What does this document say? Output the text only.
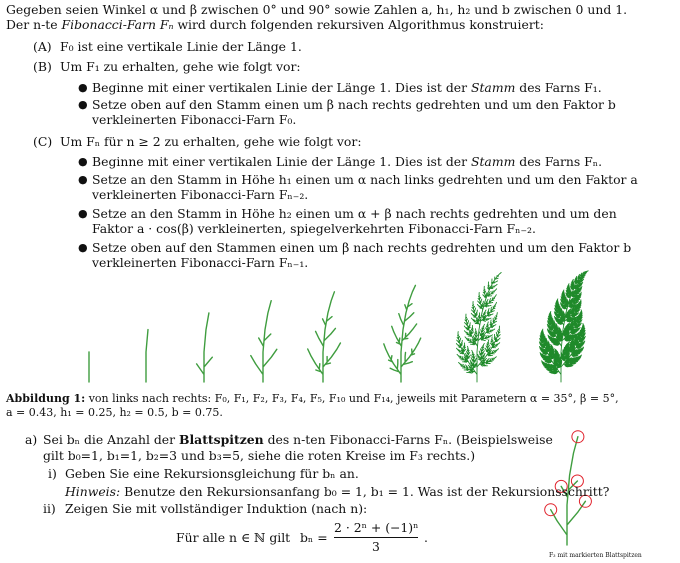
Gegeben seien Winkel α und β zwischen 0° und 90° sowie Zahlen a, h₁, h₂ und b zwischen 0 und 1.
Der n-te Fibonacci-Farn Fₙ wird durch folgenden rekursiven Algorithmus konstruiert:
(A) F₀ ist eine vertikale Linie der Länge 1.
(B) Um F₁ zu erhalten, gehe wie folgt vor:
● Beginne mit einer vertikalen Linie der Länge 1. Dies ist der Stamm des Farns F₁.
● Setze oben auf den Stamm einen um β nach rechts gedrehten und um den Faktor b
verkleinerten Fibonacci-Farn F₀.
(C) Um Fₙ für n ≥ 2 zu erhalten, gehe wie folgt vor:
● Beginne mit einer vertikalen Linie der Länge 1. Dies ist der Stamm des Farns Fₙ.
● Setze an den Stamm in Höhe h₁ einen um α nach links gedrehten und um den Faktor a
verkleinerten Fibonacci-Farn Fₙ₋₂.
● Setze an den Stamm in Höhe h₂ einen um α + β nach rechts gedrehten und um den
Faktor a · cos(β) verkleinerten, spiegelverkehrten Fibonacci-Farn Fₙ₋₂.
● Setze oben auf den Stammen einen um β nach rechts gedrehten und um den Faktor b
verkleinerten Fibonacci-Farn Fₙ₋₁.
Abbildung 1: von links nach rechts: F₀, F₁, F₂, F₃, F₄, F₅, F₁₀ und F₁₄, jeweils mit Parametern α = 35°, β = 5°,
a = 0.43, h₁ = 0.25, h₂ = 0.5, b = 0.75.
a) Sei bₙ die Anzahl der Blattspitzen des n-ten Fibonacci-Farns Fₙ. (Beispielsweise
gilt b₀=1, b₁=1, b₂=3 und b₃=5, siehe die roten Kreise im F₃ rechts.)
i) Geben Sie eine Rekursionsgleichung für bₙ an.
Hinweis: Benutze den Rekursionsanfang b₀ = 1, b₁ = 1. Was ist der Rekursionsschritt?
ii) Zeigen Sie mit vollständiger Induktion (nach n):
Für alle n ∈ ℕ gilt bₙ =
2 · 2ⁿ + (−1)ⁿ
3
.
F₃ mit markierten Blattspitzen
